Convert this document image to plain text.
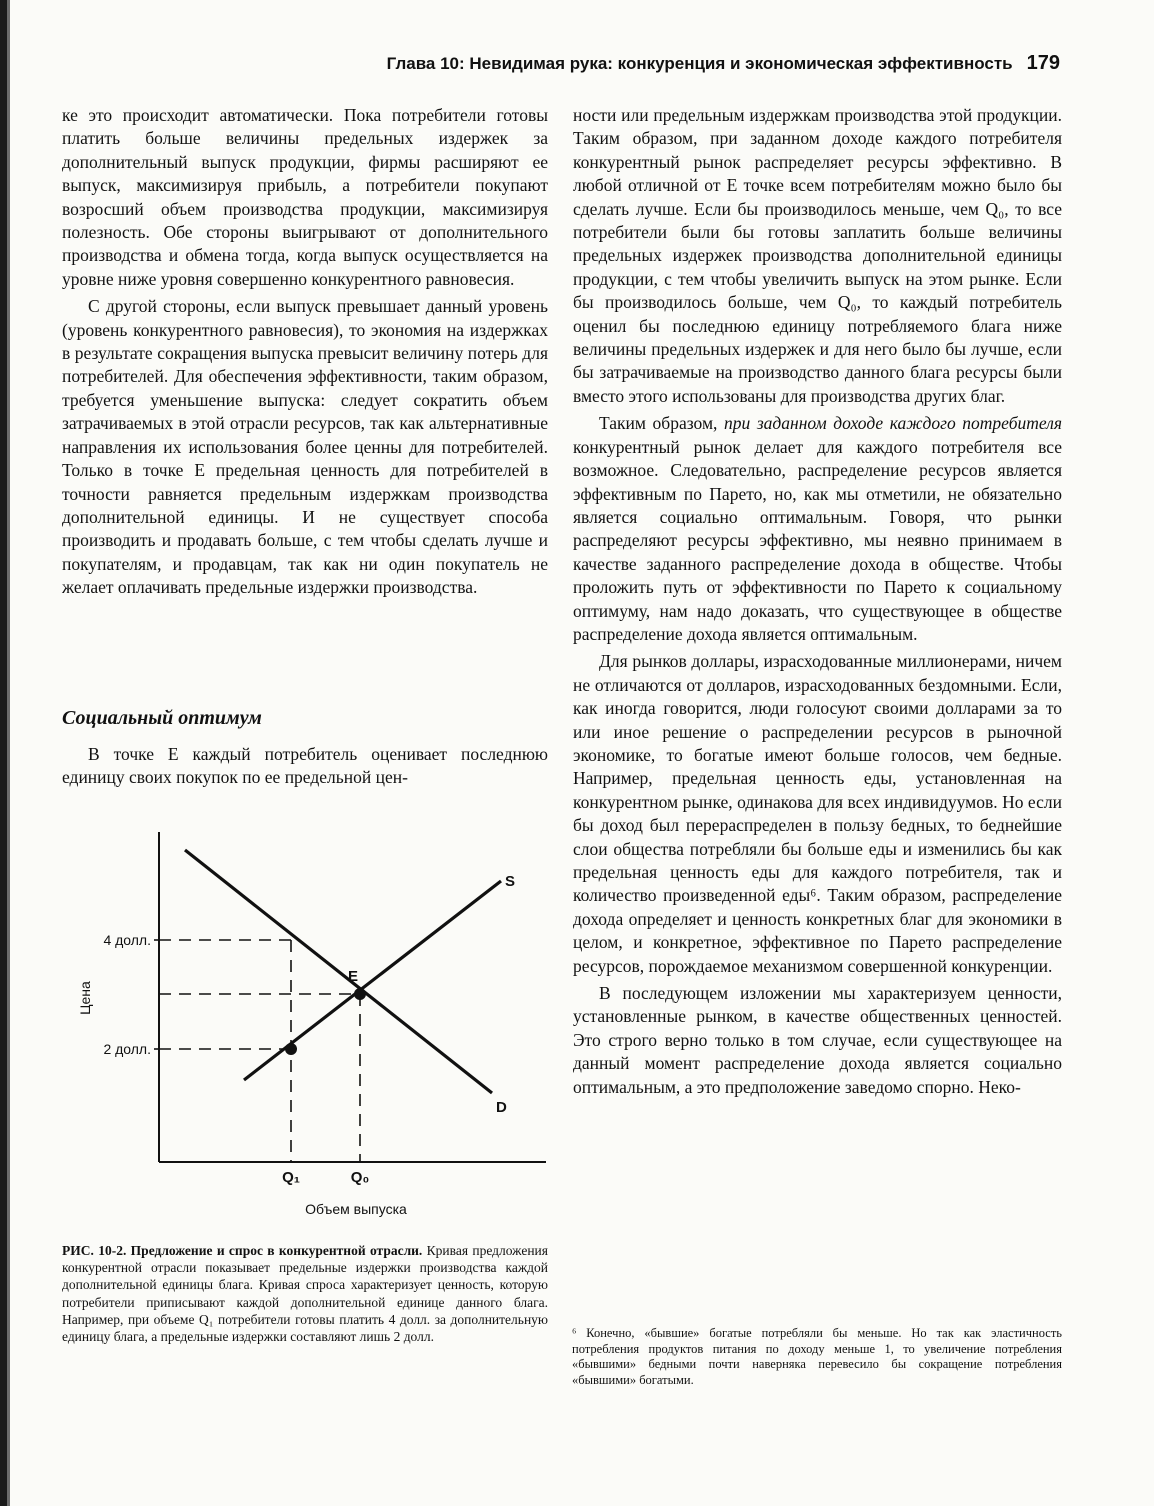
Глава 10: Невидимая рука: конкуренция и экономическая эффективность 179

ке это происходит автоматически. Пока потребители готовы платить больше величины предельных издержек за дополнительный выпуск продукции, фирмы расширяют ее выпуск, максимизируя прибыль, а потребители покупают возросший объем производства продукции, максимизируя полезность. Обе стороны выигрывают от дополнительного производства и обмена тогда, когда выпуск осуществляется на уровне ниже уровня совершенно конкурентного равновесия.

С другой стороны, если выпуск превышает данный уровень (уровень конкурентного равновесия), то экономия на издержках в результате сокращения выпуска превысит величину потерь для потребителей. Для обеспечения эффективности, таким образом, требуется уменьшение выпуска: следует сократить объем затрачиваемых в этой отрасли ресурсов, так как альтернативные направления их использования более ценны для потребителей. Только в точке E предельная ценность для потребителей в точности равняется предельным издержкам производства дополнительной единицы. И не существует способа производить и продавать больше, с тем чтобы сделать лучше и покупателям, и продавцам, так как ни один покупатель не желает оплачивать предельные издержки производства.

Социальный оптимум

В точке E каждый потребитель оценивает последнюю единицу своих покупок по ее предельной цен-

S
D
E
4 долл.
2 долл.
Цена
Q₁	Q₀
Объем выпуска
РИС. 10-2. Предложение и спрос в конкурентной отрасли. Кривая предложения конкурентной отрасли показывает предельные издержки производства каждой дополнительной единицы блага. Кривая спроса характеризует ценность, которую потребители приписывают каждой дополнительной единице данного блага. Например, при объеме Q₁ потребители готовы платить 4 долл. за дополнительную единицу блага, а предельные издержки составляют лишь 2 долл.

ности или предельным издержкам производства этой продукции. Таким образом, при заданном доходе каждого потребителя конкурентный рынок распределяет ресурсы эффективно. В любой отличной от E точке всем потребителям можно было бы сделать лучше. Если бы производилось меньше, чем Q₀, то все потребители были бы готовы заплатить больше величины предельных издержек производства дополнительной единицы продукции, с тем чтобы увеличить выпуск на этом рынке. Если бы производилось больше, чем Q₀, то каждый потребитель оценил бы последнюю единицу потребляемого блага ниже величины предельных издержек и для него было бы лучше, если бы затрачиваемые на производство данного блага ресурсы были вместо этого использованы для производства других благ.

Таким образом, при заданном доходе каждого потребителя конкурентный рынок делает для каждого потребителя все возможное. Следовательно, распределение ресурсов является эффективным по Парето, но, как мы отметили, не обязательно является социально оптимальным. Говоря, что рынки распределяют ресурсы эффективно, мы неявно принимаем в качестве заданного распределение дохода в обществе. Чтобы проложить путь от эффективности по Парето к социальному оптимуму, нам надо доказать, что существующее в обществе распределение дохода является оптимальным.

Для рынков доллары, израсходованные миллионерами, ничем не отличаются от долларов, израсходованных бездомными. Если, как иногда говорится, люди голосуют своими долларами за то или иное решение о распределении ресурсов в рыночной экономике, то богатые имеют больше голосов, чем бедные. Например, предельная ценность еды, установленная на конкурентном рынке, одинакова для всех индивидуумов. Но если бы доход был перераспределен в пользу бедных, то беднейшие слои общества потребляли бы больше еды и изменились бы как предельная ценность еды для каждого потребителя, так и количество произведенной еды⁶. Таким образом, распределение дохода определяет и ценность конкретных благ для экономики в целом, и конкретное, эффективное по Парето распределение ресурсов, порождаемое механизмом совершенной конкуренции.

В последующем изложении мы характеризуем ценности, установленные рынком, в качестве общественных ценностей. Это строго верно только в том случае, если существующее на данный момент распределение дохода является социально оптимальным, а это предположение заведомо спорно. Неко-

⁶ Конечно, «бывшие» богатые потребляли бы меньше. Но так как эластичность потребления продуктов питания по доходу меньше 1, то увеличение потребления «бывшими» бедными почти наверняка перевесило бы сокращение потребления «бывшими» богатыми.
